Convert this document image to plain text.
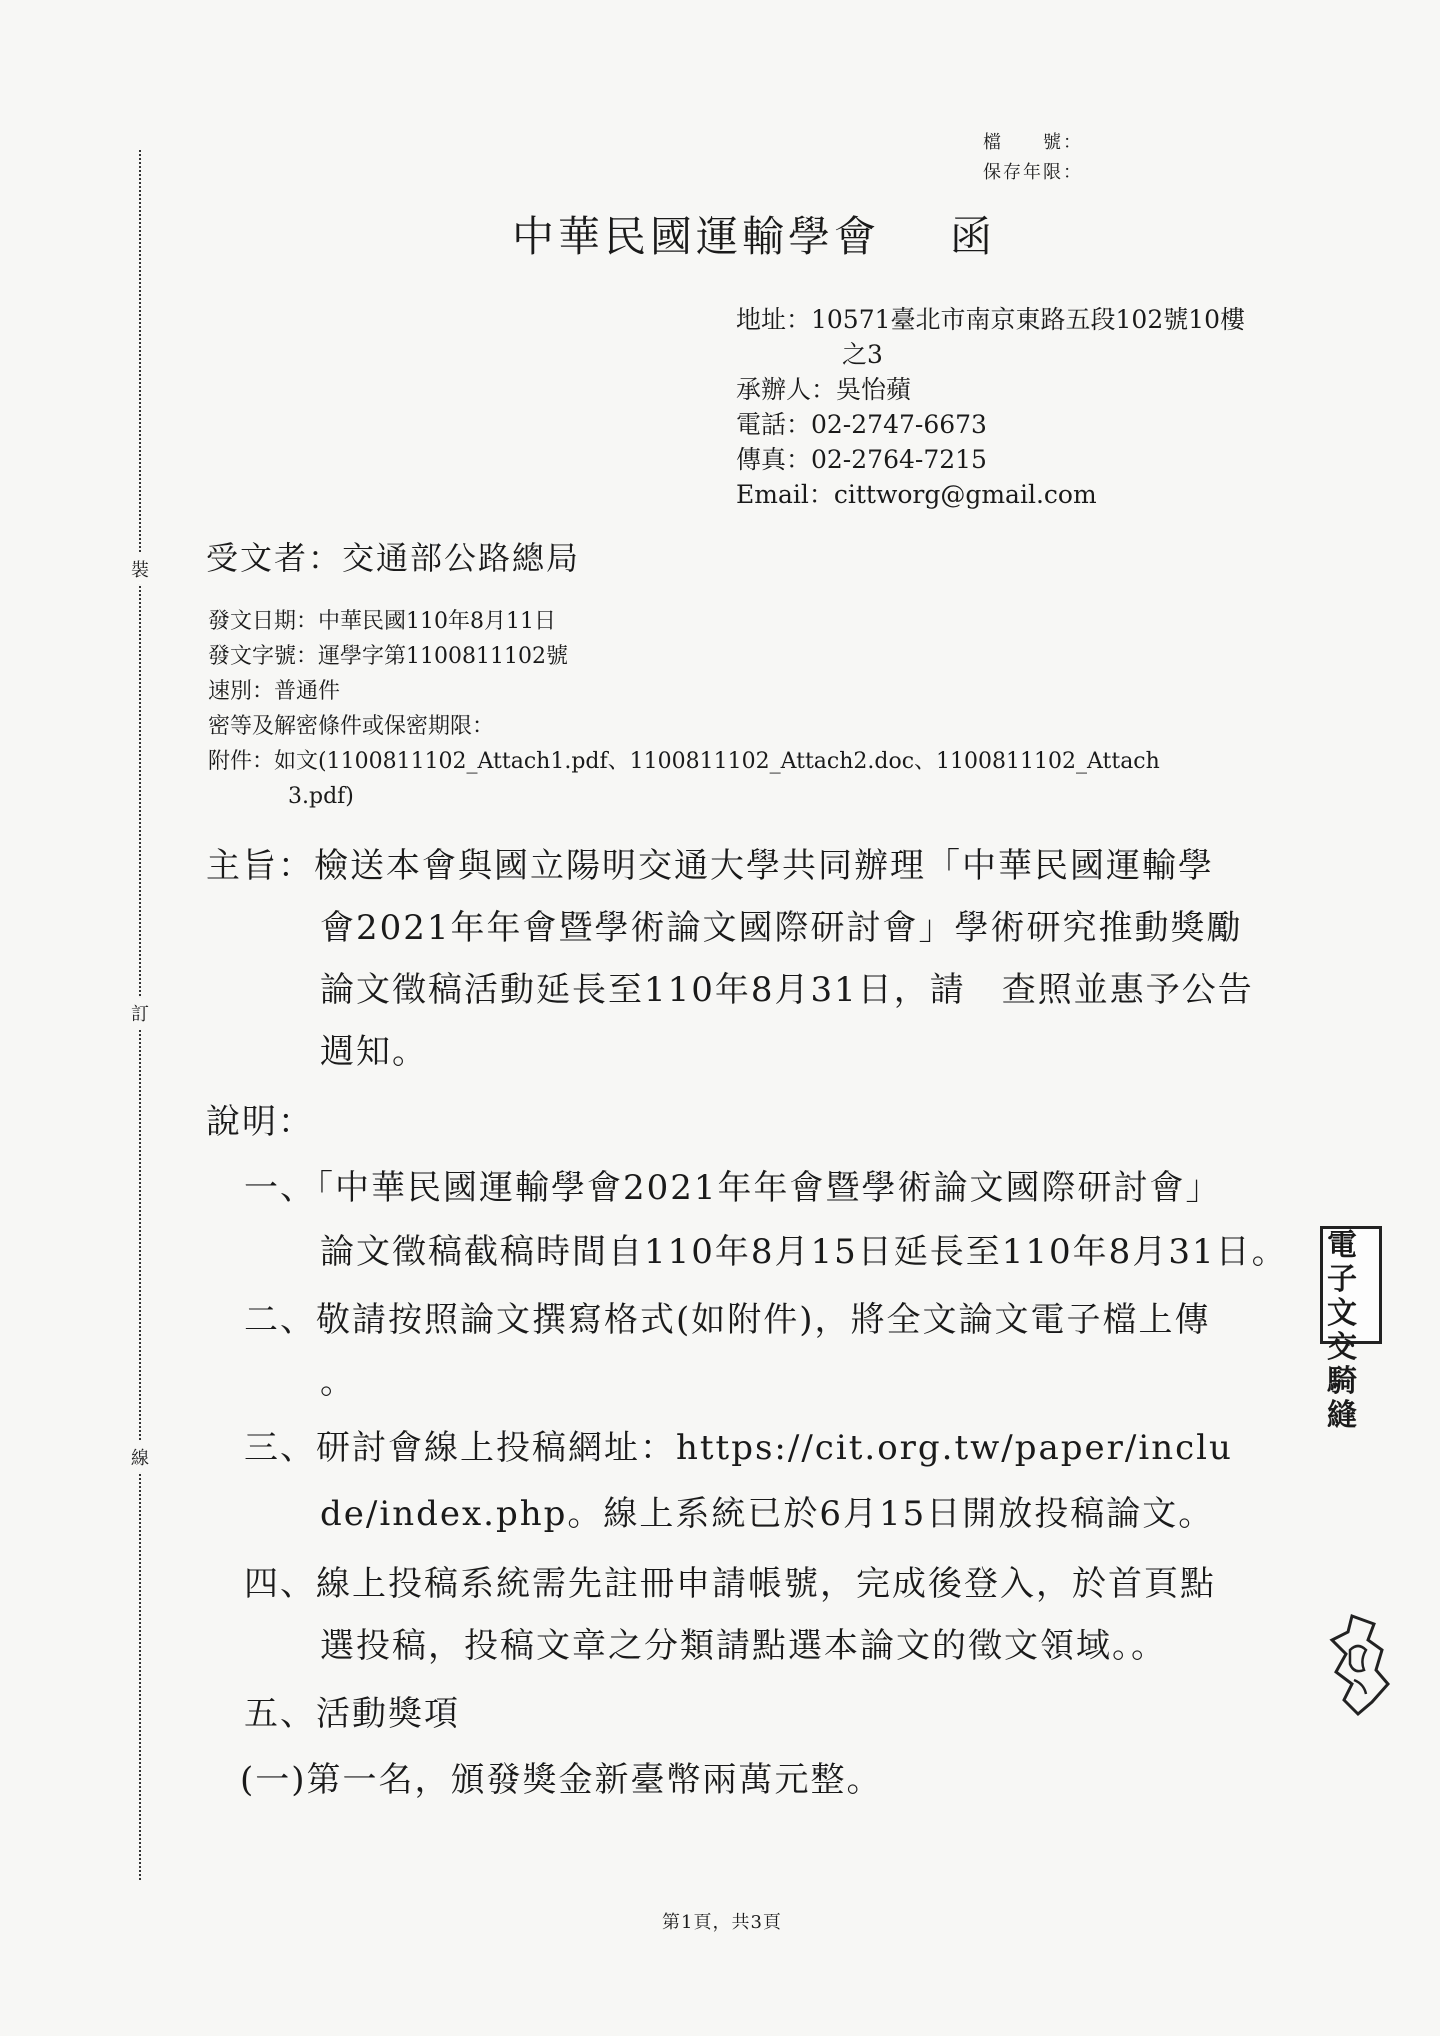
裝
訂
線
檔　　號：
保存年限：
中華民國運輸學會 函
地址：10571臺北市南京東路五段102號10樓
之3
承辦人：吳怡蘋
電話：02-2747-6673
傳真：02-2764-7215
Email：cittworg@gmail.com
受文者：交通部公路總局
發文日期：中華民國110年8月11日
發文字號：運學字第1100811102號
速別：普通件
密等及解密條件或保密期限：
附件：如文(1100811102_Attach1.pdf、1100811102_Attach2.doc、1100811102_Attach
3.pdf)
主旨：檢送本會與國立陽明交通大學共同辦理「中華民國運輸學
會2021年年會暨學術論文國際研討會」學術研究推動獎勵
論文徵稿活動延長至110年8月31日，請　查照並惠予公告
週知。
說明：
一、「中華民國運輸學會2021年年會暨學術論文國際研討會」
論文徵稿截稿時間自110年8月15日延長至110年8月31日。
二、敬請按照論文撰寫格式(如附件)，將全文論文電子檔上傳
。
三、研討會線上投稿網址：https://cit.org.tw/paper/inclu
de/index.php。線上系統已於6月15日開放投稿論文。
四、線上投稿系統需先註冊申請帳號，完成後登入，於首頁點
選投稿，投稿文章之分類請點選本論文的徵文領域。。
五、活動獎項
(一)第一名，頒發獎金新臺幣兩萬元整。
電子
文交
騎縫
第1頁，共3頁
